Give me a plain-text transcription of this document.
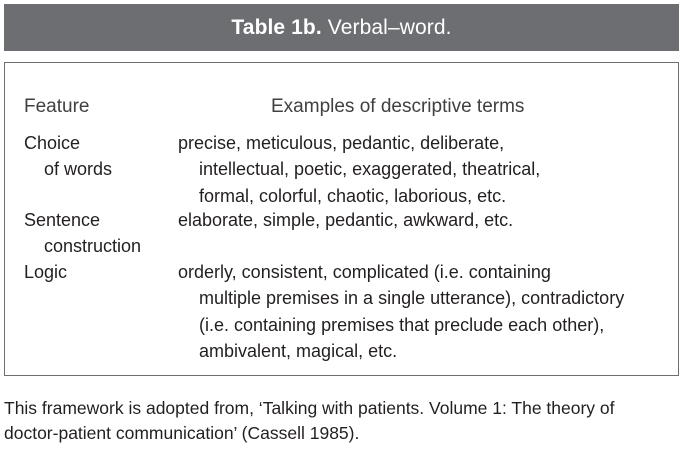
Table 1b. Verbal–word.
Feature	Examples of descriptive terms
Choice
of words
precise, meticulous, pedantic, deliberate,
intellectual, poetic, exaggerated, theatrical,
formal, colorful, chaotic, laborious, etc.
Sentence
construction
elaborate, simple, pedantic, awkward, etc.
Logic	orderly, consistent, complicated (i.e. containing
multiple premises in a single utterance), contradictory
(i.e. containing premises that preclude each other),
ambivalent, magical, etc.
This framework is adopted from, ‘Talking with patients. Volume 1: The theory of
doctor-patient communication’ (Cassell 1985).
